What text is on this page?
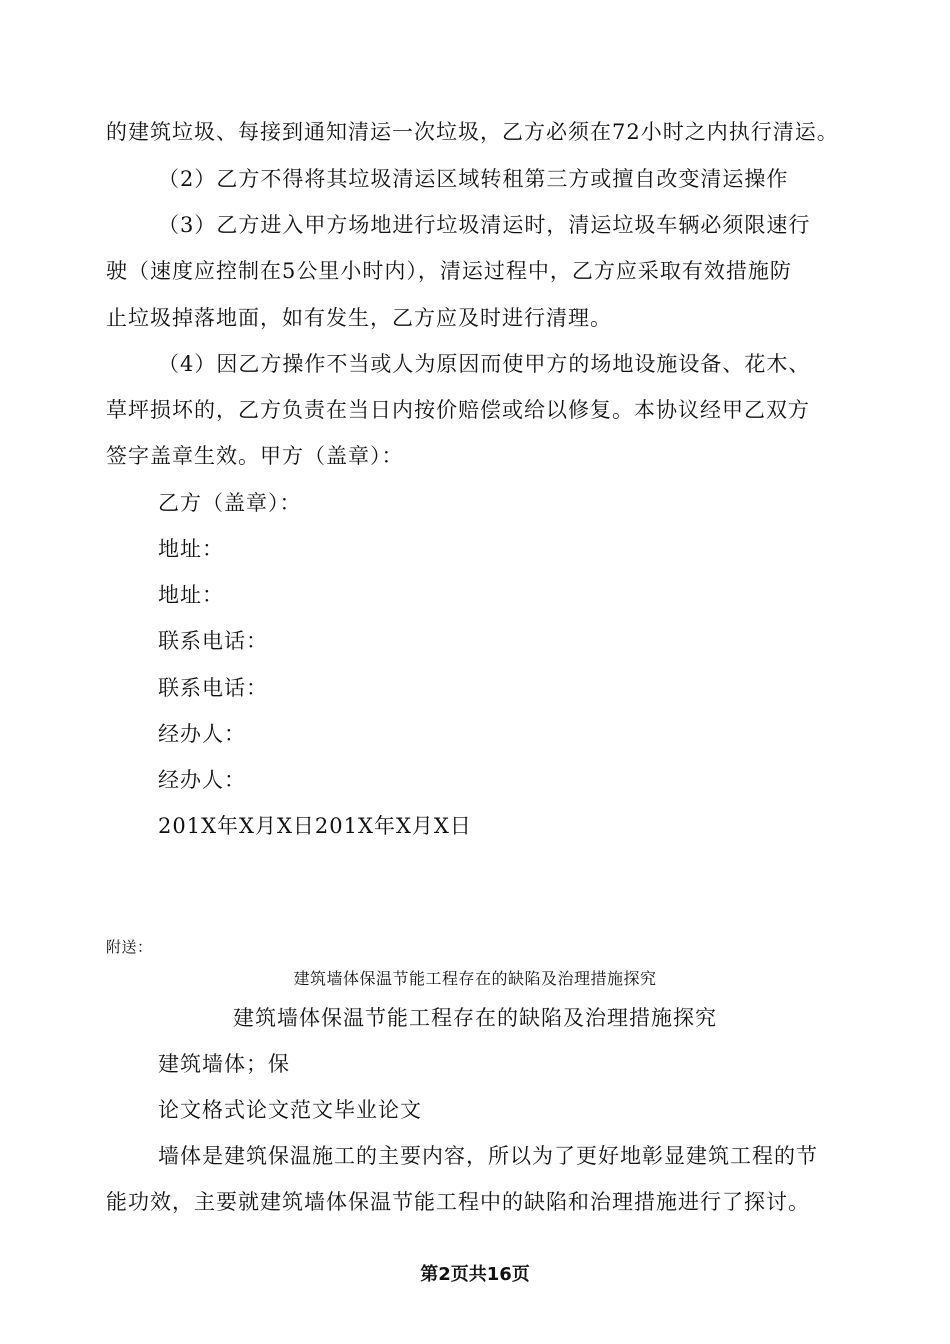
的建筑垃圾、每接到通知清运一次垃圾，乙方必须在72小时之内执行清运。
（2）乙方不得将其垃圾清运区域转租第三方或擅自改变清运操作
（3）乙方进入甲方场地进行垃圾清运时，清运垃圾车辆必须限速行
驶（速度应控制在5公里小时内），清运过程中，乙方应采取有效措施防
止垃圾掉落地面，如有发生，乙方应及时进行清理。
（4）因乙方操作不当或人为原因而使甲方的场地设施设备、花木、
草坪损坏的，乙方负责在当日内按价赔偿或给以修复。本协议经甲乙双方
签字盖章生效。甲方（盖章）：
乙方（盖章）：
地址：
地址：
联系电话：
联系电话：
经办人：
经办人：
201X年X月X日201X年X月X日
附送：
建筑墙体保温节能工程存在的缺陷及治理措施探究
建筑墙体保温节能工程存在的缺陷及治理措施探究
建筑墙体；保
论文格式论文范文毕业论文
墙体是建筑保温施工的主要内容，所以为了更好地彰显建筑工程的节
能功效，主要就建筑墙体保温节能工程中的缺陷和治理措施进行了探讨。
第2页共16页
